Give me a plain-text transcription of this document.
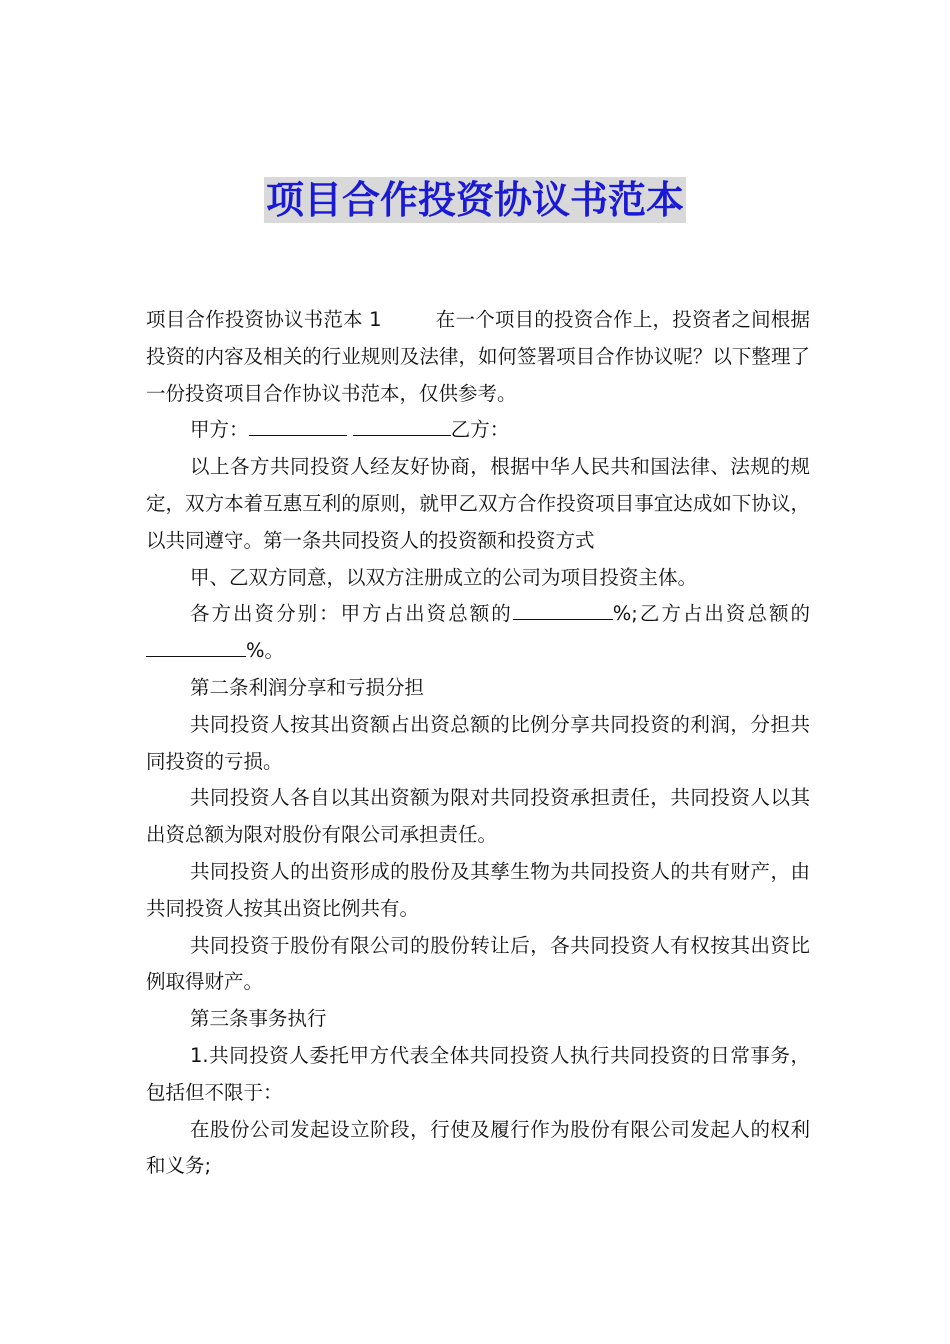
项目合作投资协议书范本

项目合作投资协议书范本 1	在一个项目的投资合作上，投资者之间根据投资的内容及相关的行业规则及法律，如何签署项目合作协议呢？以下整理了一份投资项目合作协议书范本，仅供参考。

甲方：	乙方：

以上各方共同投资人经友好协商，根据中华人民共和国法律、法规的规定，双方本着互惠互利的原则，就甲乙双方合作投资项目事宜达成如下协议，以共同遵守。第一条共同投资人的投资额和投资方式

甲、乙双方同意，以双方注册成立的公司为项目投资主体。

各方出资分别：甲方占出资总额的	%;乙方占出资总额的%。

第二条利润分享和亏损分担

共同投资人按其出资额占出资总额的比例分享共同投资的利润，分担共同投资的亏损。

共同投资人各自以其出资额为限对共同投资承担责任，共同投资人以其出资总额为限对股份有限公司承担责任。

共同投资人的出资形成的股份及其孳生物为共同投资人的共有财产，由共同投资人按其出资比例共有。

共同投资于股份有限公司的股份转让后，各共同投资人有权按其出资比例取得财产。

第三条事务执行

1.共同投资人委托甲方代表全体共同投资人执行共同投资的日常事务，包括但不限于：

在股份公司发起设立阶段，行使及履行作为股份有限公司发起人的权利和义务;
